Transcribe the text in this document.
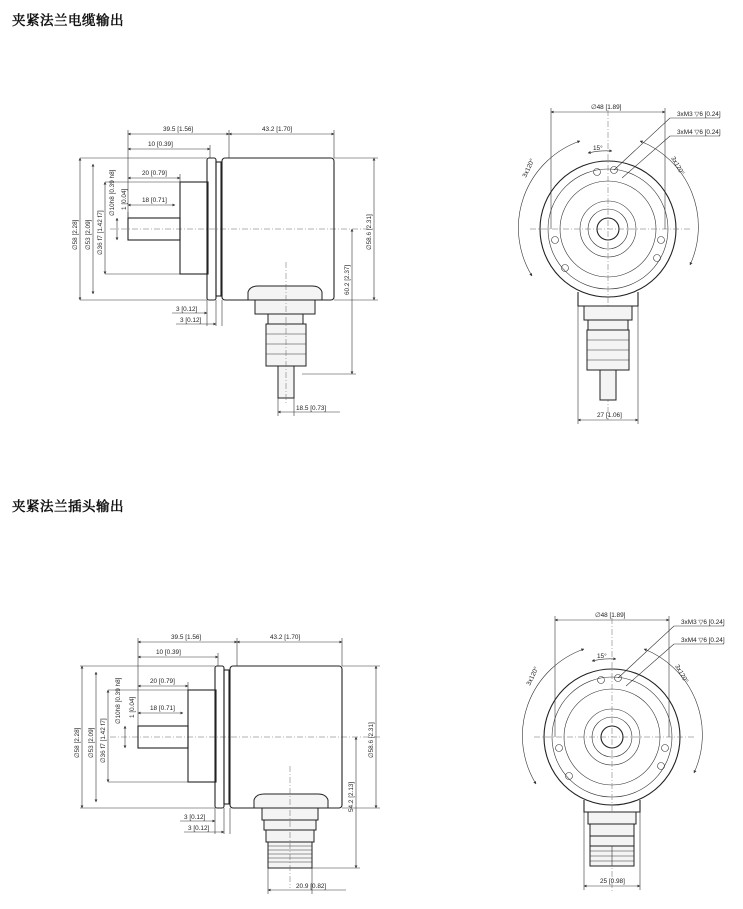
夹紧法兰电缆输出
夹紧法兰插头输出
39.5 [1.56]	43.2 [1.70]
10 [0.39]
20 [0.79]
18 [0.71]
∅58 [2.28] ∅53 [2.09] ∅36 f7 [1.42 f7]
∅10h8 [0.39 h8] 1 [0.04]
∅58.6 [2.31]
60.2 [2.37]
3 [0.12]
3 [0.12]
18.5 [0.73]
∅48 [1.89]
3xM3 ▽6 [0.24]
3xM4 ▽6 [0.24]
15°
3x120°	3x120°
27 [1.06]
39.5 [1.56]	43.2 [1.70]
10 [0.39]
20 [0.79]
18 [0.71]
∅58 [2.28] ∅53 [2.09] ∅36 f7 [1.42 f7]
∅10h8 [0.39 h8] 1 [0.04]
∅58.6 [2.31]
54.2 [2.13]
3 [0.12]
3 [0.12]
20.9 [0.82]
∅48 [1.89]
3xM3 ▽6 [0.24]
3xM4 ▽6 [0.24]
15°
3x120°	3x120°
25 [0.98]
